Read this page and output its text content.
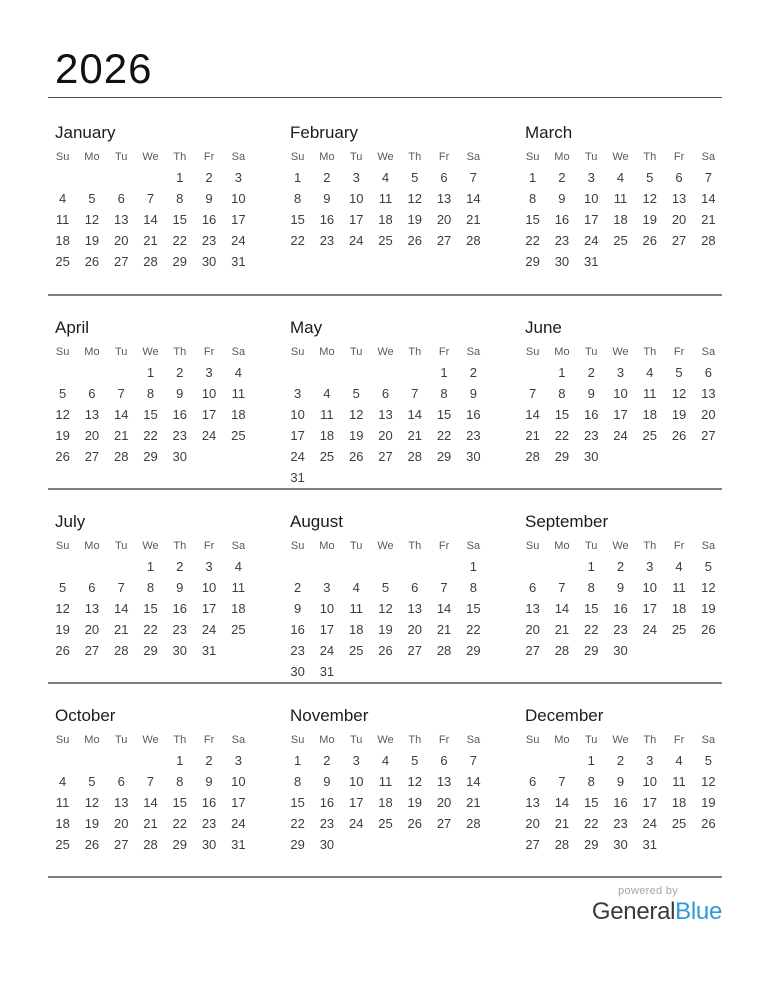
2026
January
Su	Mo	Tu	We	Th	Fr	Sa
				1	2	3
4	5	6	7	8	9	10
11	12	13	14	15	16	17
18	19	20	21	22	23	24
25	26	27	28	29	30	31
February
Su	Mo	Tu	We	Th	Fr	Sa
1	2	3	4	5	6	7
8	9	10	11	12	13	14
15	16	17	18	19	20	21
22	23	24	25	26	27	28
March
Su	Mo	Tu	We	Th	Fr	Sa
1	2	3	4	5	6	7
8	9	10	11	12	13	14
15	16	17	18	19	20	21
22	23	24	25	26	27	28
29	30	31				
April
Su	Mo	Tu	We	Th	Fr	Sa
			1	2	3	4
5	6	7	8	9	10	11
12	13	14	15	16	17	18
19	20	21	22	23	24	25
26	27	28	29	30		
May
Su	Mo	Tu	We	Th	Fr	Sa
					1	2
3	4	5	6	7	8	9
10	11	12	13	14	15	16
17	18	19	20	21	22	23
24	25	26	27	28	29	30
31						
June
Su	Mo	Tu	We	Th	Fr	Sa
	1	2	3	4	5	6
7	8	9	10	11	12	13
14	15	16	17	18	19	20
21	22	23	24	25	26	27
28	29	30				
July
Su	Mo	Tu	We	Th	Fr	Sa
			1	2	3	4
5	6	7	8	9	10	11
12	13	14	15	16	17	18
19	20	21	22	23	24	25
26	27	28	29	30	31	
August
Su	Mo	Tu	We	Th	Fr	Sa
						1
2	3	4	5	6	7	8
9	10	11	12	13	14	15
16	17	18	19	20	21	22
23	24	25	26	27	28	29
30	31					
September
Su	Mo	Tu	We	Th	Fr	Sa
		1	2	3	4	5
6	7	8	9	10	11	12
13	14	15	16	17	18	19
20	21	22	23	24	25	26
27	28	29	30			
October
Su	Mo	Tu	We	Th	Fr	Sa
				1	2	3
4	5	6	7	8	9	10
11	12	13	14	15	16	17
18	19	20	21	22	23	24
25	26	27	28	29	30	31
November
Su	Mo	Tu	We	Th	Fr	Sa
1	2	3	4	5	6	7
8	9	10	11	12	13	14
15	16	17	18	19	20	21
22	23	24	25	26	27	28
29	30					
December
Su	Mo	Tu	We	Th	Fr	Sa
		1	2	3	4	5
6	7	8	9	10	11	12
13	14	15	16	17	18	19
20	21	22	23	24	25	26
27	28	29	30	31		
powered by
GeneralBlue
